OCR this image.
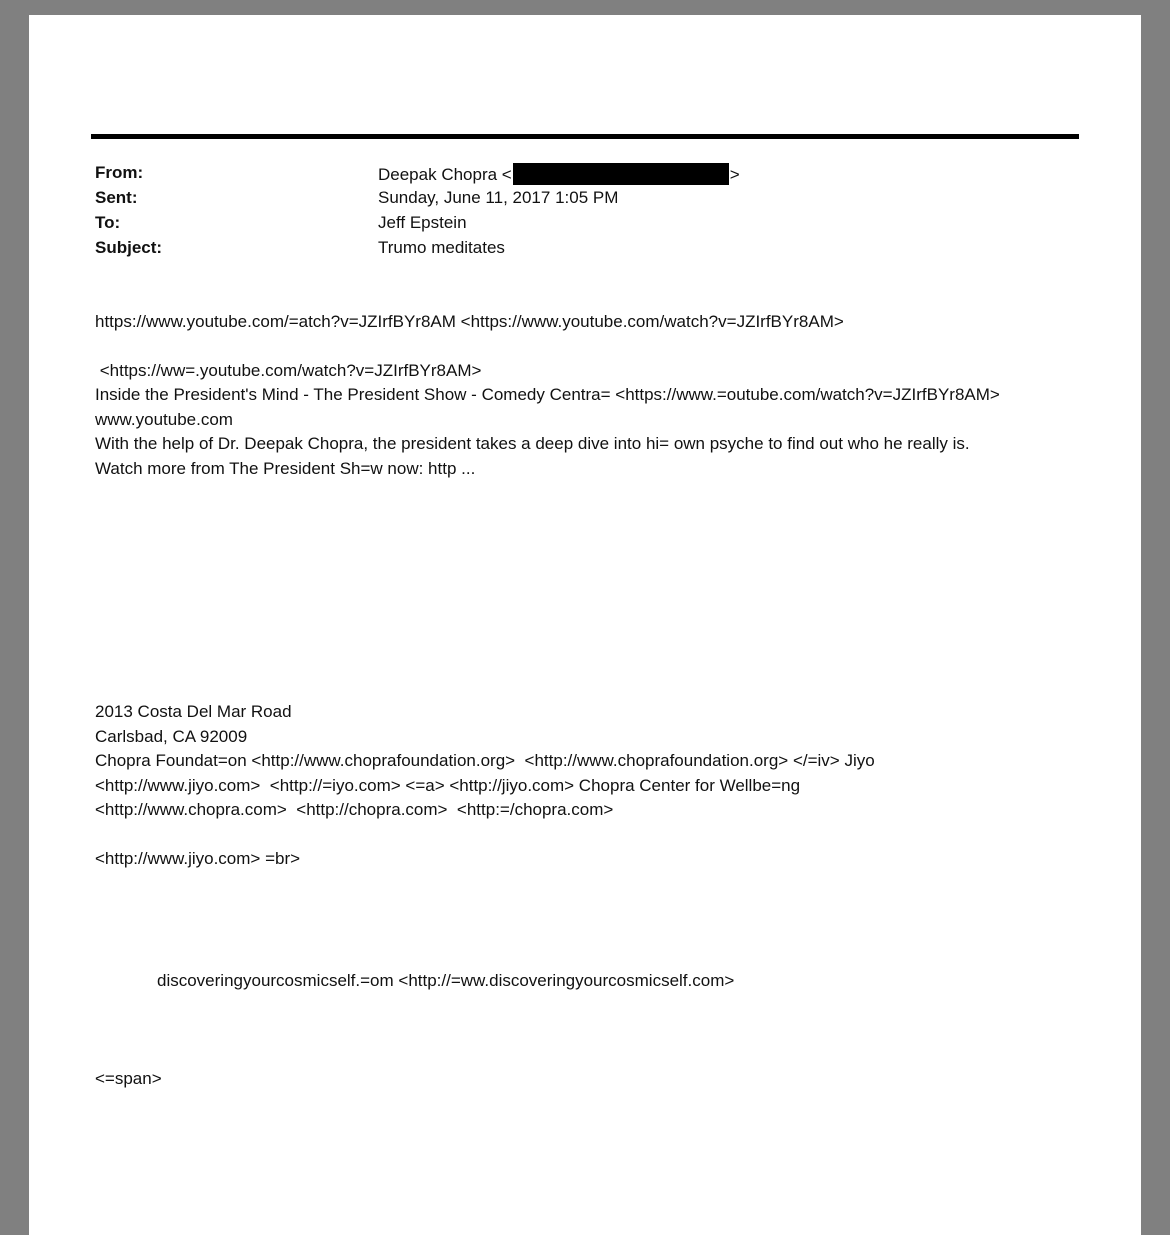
From:	Deepak Chopra <	>
Sent:	Sunday, June 11, 2017 1:05 PM
To:	Jeff Epstein
Subject:	Trumo meditates
https://www.youtube.com/=atch?v=JZIrfBYr8AM <https://www.youtube.com/watch?v=JZIrfBYr8AM>
<https://ww=.youtube.com/watch?v=JZIrfBYr8AM>
Inside the President's Mind - The President Show - Comedy Centra= <https://www.=outube.com/watch?v=JZIrfBYr8AM>
www.youtube.com
With the help of Dr. Deepak Chopra, the president takes a deep dive into hi= own psyche to find out who he really is.
Watch more from The President Sh=w now: http ...
2013 Costa Del Mar Road
Carlsbad, CA 92009
Chopra Foundat=on <http://www.choprafoundation.org>  <http://www.choprafoundation.org> </=iv> Jiyo
<http://www.jiyo.com>  <http://=iyo.com> <=a> <http://jiyo.com> Chopra Center for Wellbe=ng
<http://www.chopra.com>  <http://chopra.com>  <http:=/chopra.com>
<http://www.jiyo.com> =br>
discoveringyourcosmicself.=om <http://=ww.discoveringyourcosmicself.com>
<=span>
